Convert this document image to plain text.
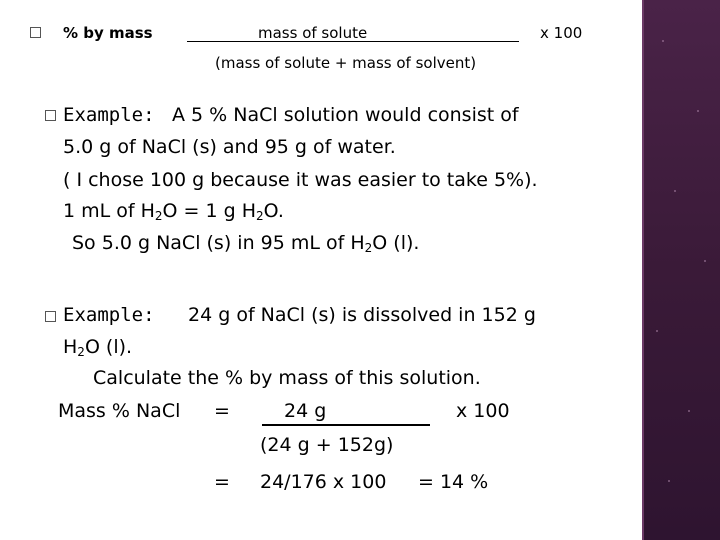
% by mass	mass of solute	x 100
(mass of solute + mass of solvent)
Example: A 5 % NaCl solution would consist of
5.0 g of NaCl (s) and 95 g of water.
( I chose 100 g because it was easier to take 5%).
1 mL of $H_2O = 1$ g $H_2O$.
So 5.0 g NaCl (s) in 95 mL of $H_2O$ (l).
Example: 24 g of NaCl (s) is dissolved in 152 g
$H_2O$ (l).
Calculate the % by mass of this solution.
Mass % NaCl =	24 g	x 100
(24 g + 152g)
= 24/176 x 100 = 14 %
